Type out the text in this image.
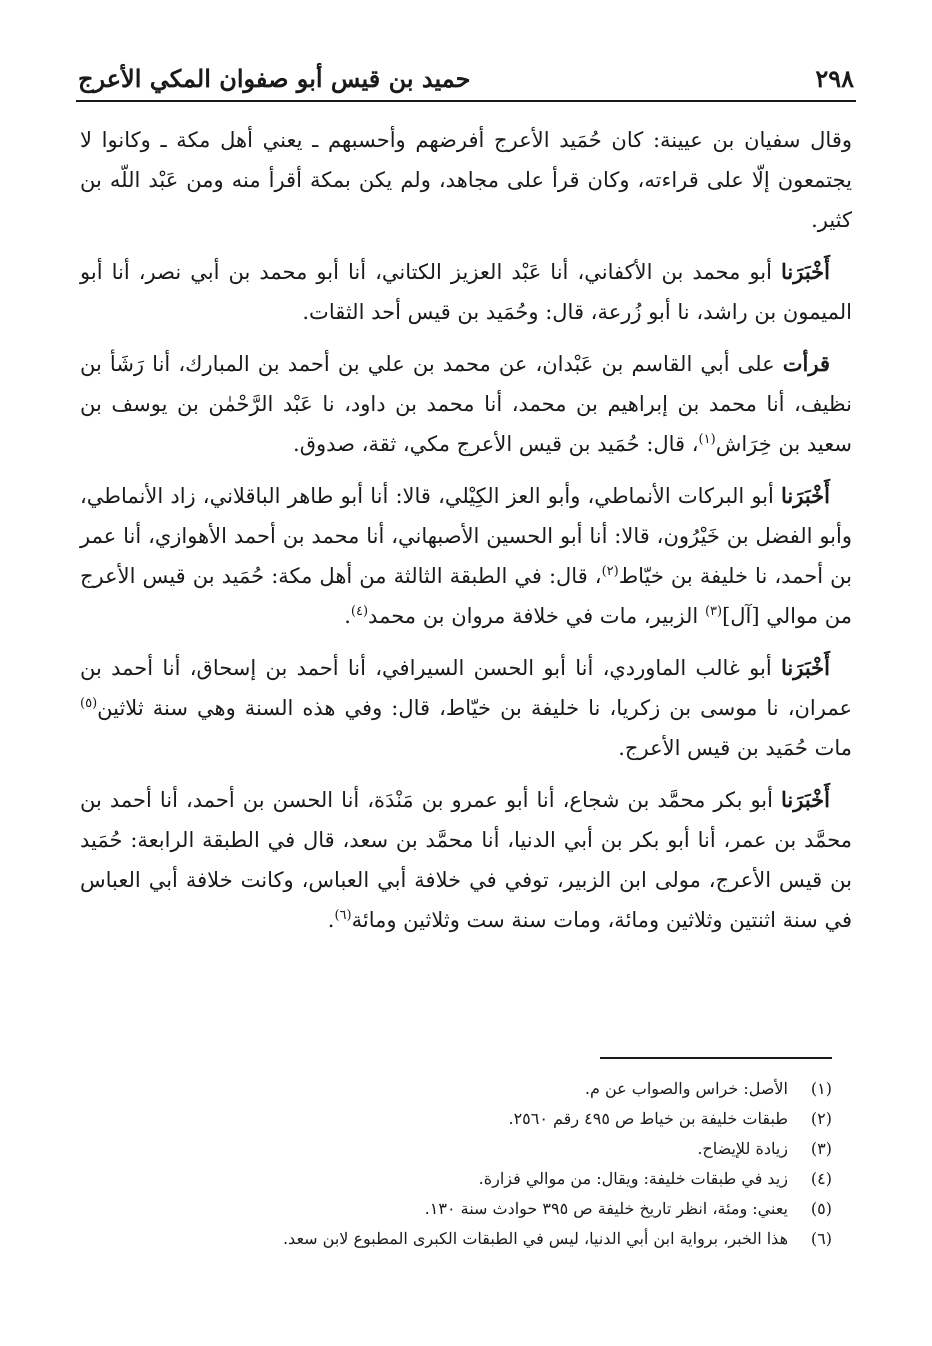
٢٩٨
حميد بن قيس أبو صفوان المكي الأعرج

وقال سفيان بن عيينة: كان حُمَيد الأعرج أفرضهم وأحسبهم ـ يعني أهل مكة ـ وكانوا لا يجتمعون إلّا على قراءته، وكان قرأ على مجاهد، ولم يكن بمكة أقرأ منه ومن عَبْد اللّه بن كثير.

أَخْبَرَنا أبو محمد بن الأكفاني، أنا عَبْد العزيز الكتاني، أنا أبو محمد بن أبي نصر، أنا أبو الميمون بن راشد، نا أبو زُرعة، قال: وحُمَيد بن قيس أحد الثقات.

قرأت على أبي القاسم بن عَبْدان، عن محمد بن علي بن أحمد بن المبارك، أنا رَشَأ بن نظيف، أنا محمد بن إبراهيم بن محمد، أنا محمد بن داود، نا عَبْد الرَّحْمٰن بن يوسف بن سعيد بن خِرَاش$^{(١)}$، قال: حُمَيد بن قيس الأعرج مكي، ثقة، صدوق.

أَخْبَرَنا أبو البركات الأنماطي، وأبو العز الكِيْلي، قالا: أنا أبو طاهر الباقلاني، زاد الأنماطي، وأبو الفضل بن خَيْرُون، قالا: أنا أبو الحسين الأصبهاني، أنا محمد بن أحمد الأهوازي، أنا عمر بن أحمد، نا خليفة بن خيّاط$^{(٢)}$، قال: في الطبقة الثالثة من أهل مكة: حُمَيد بن قيس الأعرج من موالي [آل]$^{(٣)}$ الزبير، مات في خلافة مروان بن محمد$^{(٤)}$.

أَخْبَرَنا أبو غالب الماوردي، أنا أبو الحسن السيرافي، أنا أحمد بن إسحاق، أنا أحمد بن عمران، نا موسى بن زكريا، نا خليفة بن خيّاط، قال: وفي هذه السنة وهي سنة ثلاثين$^{(٥)}$ مات حُمَيد بن قيس الأعرج.

أَخْبَرَنا أبو بكر محمَّد بن شجاع، أنا أبو عمرو بن مَنْدَة، أنا الحسن بن أحمد، أنا أحمد بن محمَّد بن عمر، أنا أبو بكر بن أبي الدنيا، أنا محمَّد بن سعد، قال في الطبقة الرابعة: حُمَيد بن قيس الأعرج، مولى ابن الزبير، توفي في خلافة أبي العباس، وكانت خلافة أبي العباس في سنة اثنتين وثلاثين ومائة، ومات سنة ست وثلاثين ومائة$^{(٦)}$.

(١)
الأصل: خراس والصواب عن م.
(٢)
طبقات خليفة بن خياط ص ٤٩٥ رقم ٢٥٦٠.
(٣)
زيادة للإيضاح.
(٤)
زيد في طبقات خليفة: ويقال: من موالي فزارة.
(٥)
يعني: ومئة، انظر تاريخ خليفة ص ٣٩٥ حوادث سنة ١٣٠.
(٦)
هذا الخبر، برواية ابن أبي الدنيا، ليس في الطبقات الكبرى المطبوع لابن سعد.
